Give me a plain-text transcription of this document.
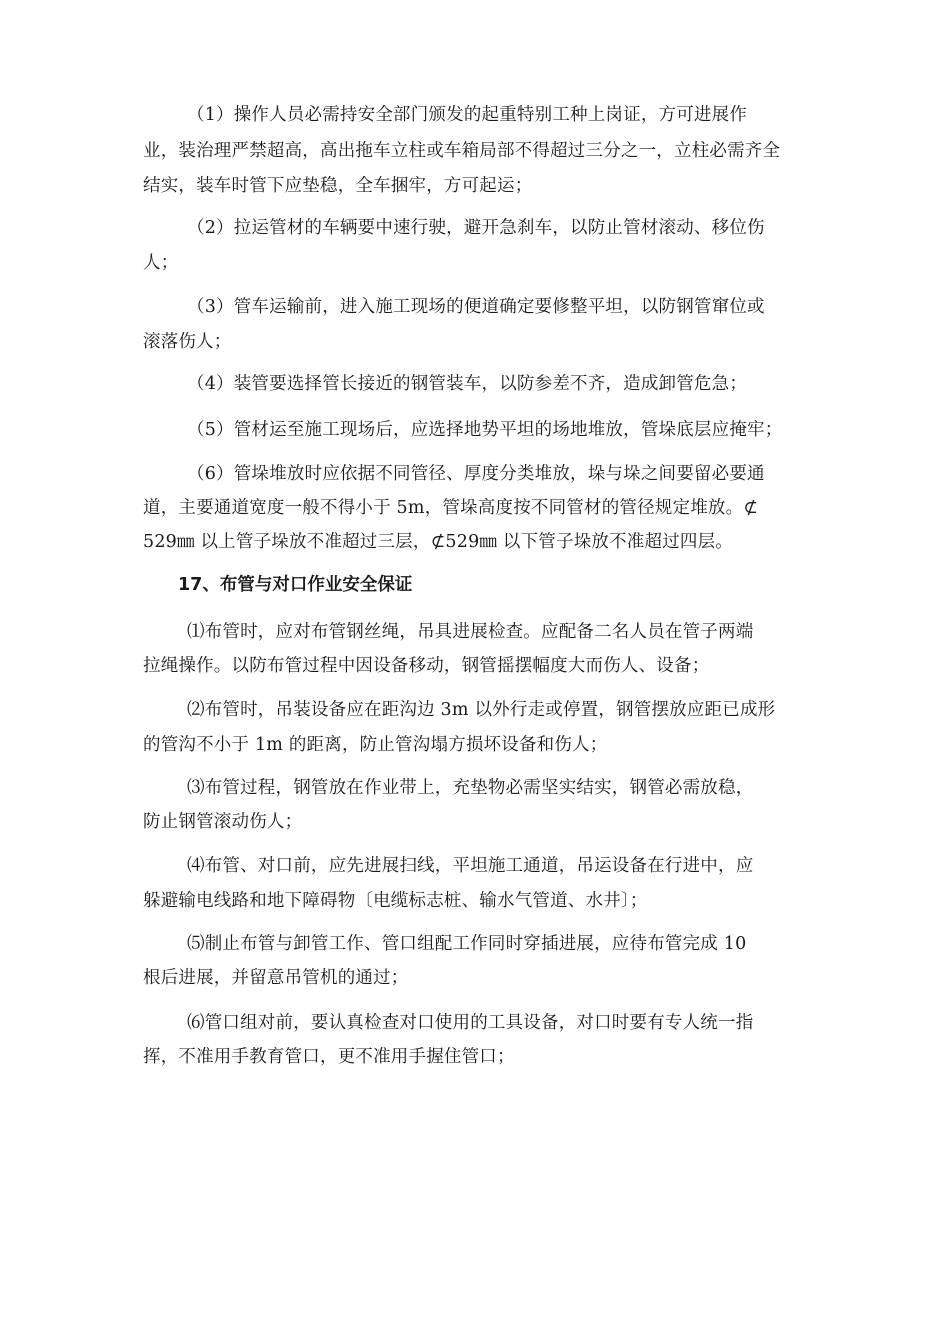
（1）操作人员必需持安全部门颁发的起重特别工种上岗证，方可进展作
业，装治理严禁超高，高出拖车立柱或车箱局部不得超过三分之一，立柱必需齐全
结实，装车时管下应垫稳，全车捆牢，方可起运；
（2）拉运管材的车辆要中速行驶，避开急刹车，以防止管材滚动、移位伤
人；
（3）管车运输前，进入施工现场的便道确定要修整平坦，以防钢管窜位或
滚落伤人；
（4）装管要选择管长接近的钢管装车，以防参差不齐，造成卸管危急；
（5）管材运至施工现场后，应选择地势平坦的场地堆放，管垛底层应掩牢；
（6）管垛堆放时应依据不同管径、厚度分类堆放，垛与垛之间要留必要通
道，主要通道宽度一般不得小于 5m，管垛高度按不同管材的管径规定堆放。⊄
529㎜ 以上管子垛放不准超过三层，⊄529㎜ 以下管子垛放不准超过四层。
17、布管与对口作业安全保证
⑴布管时，应对布管钢丝绳，吊具进展检查。应配备二名人员在管子两端
拉绳操作。以防布管过程中因设备移动，钢管摇摆幅度大而伤人、设备；
⑵布管时，吊装设备应在距沟边 3m 以外行走或停置，钢管摆放应距已成形
的管沟不小于 1m 的距离，防止管沟塌方损坏设备和伤人；
⑶布管过程，钢管放在作业带上，充垫物必需坚实结实，钢管必需放稳，
防止钢管滚动伤人；
⑷布管、对口前，应先进展扫线，平坦施工通道，吊运设备在行进中，应
躲避输电线路和地下障碍物〔电缆标志桩、输水气管道、水井〕；
⑸制止布管与卸管工作、管口组配工作同时穿插进展，应待布管完成 10
根后进展，并留意吊管机的通过；
⑹管口组对前，要认真检查对口使用的工具设备，对口时要有专人统一指
挥，不准用手教育管口，更不准用手握住管口；
